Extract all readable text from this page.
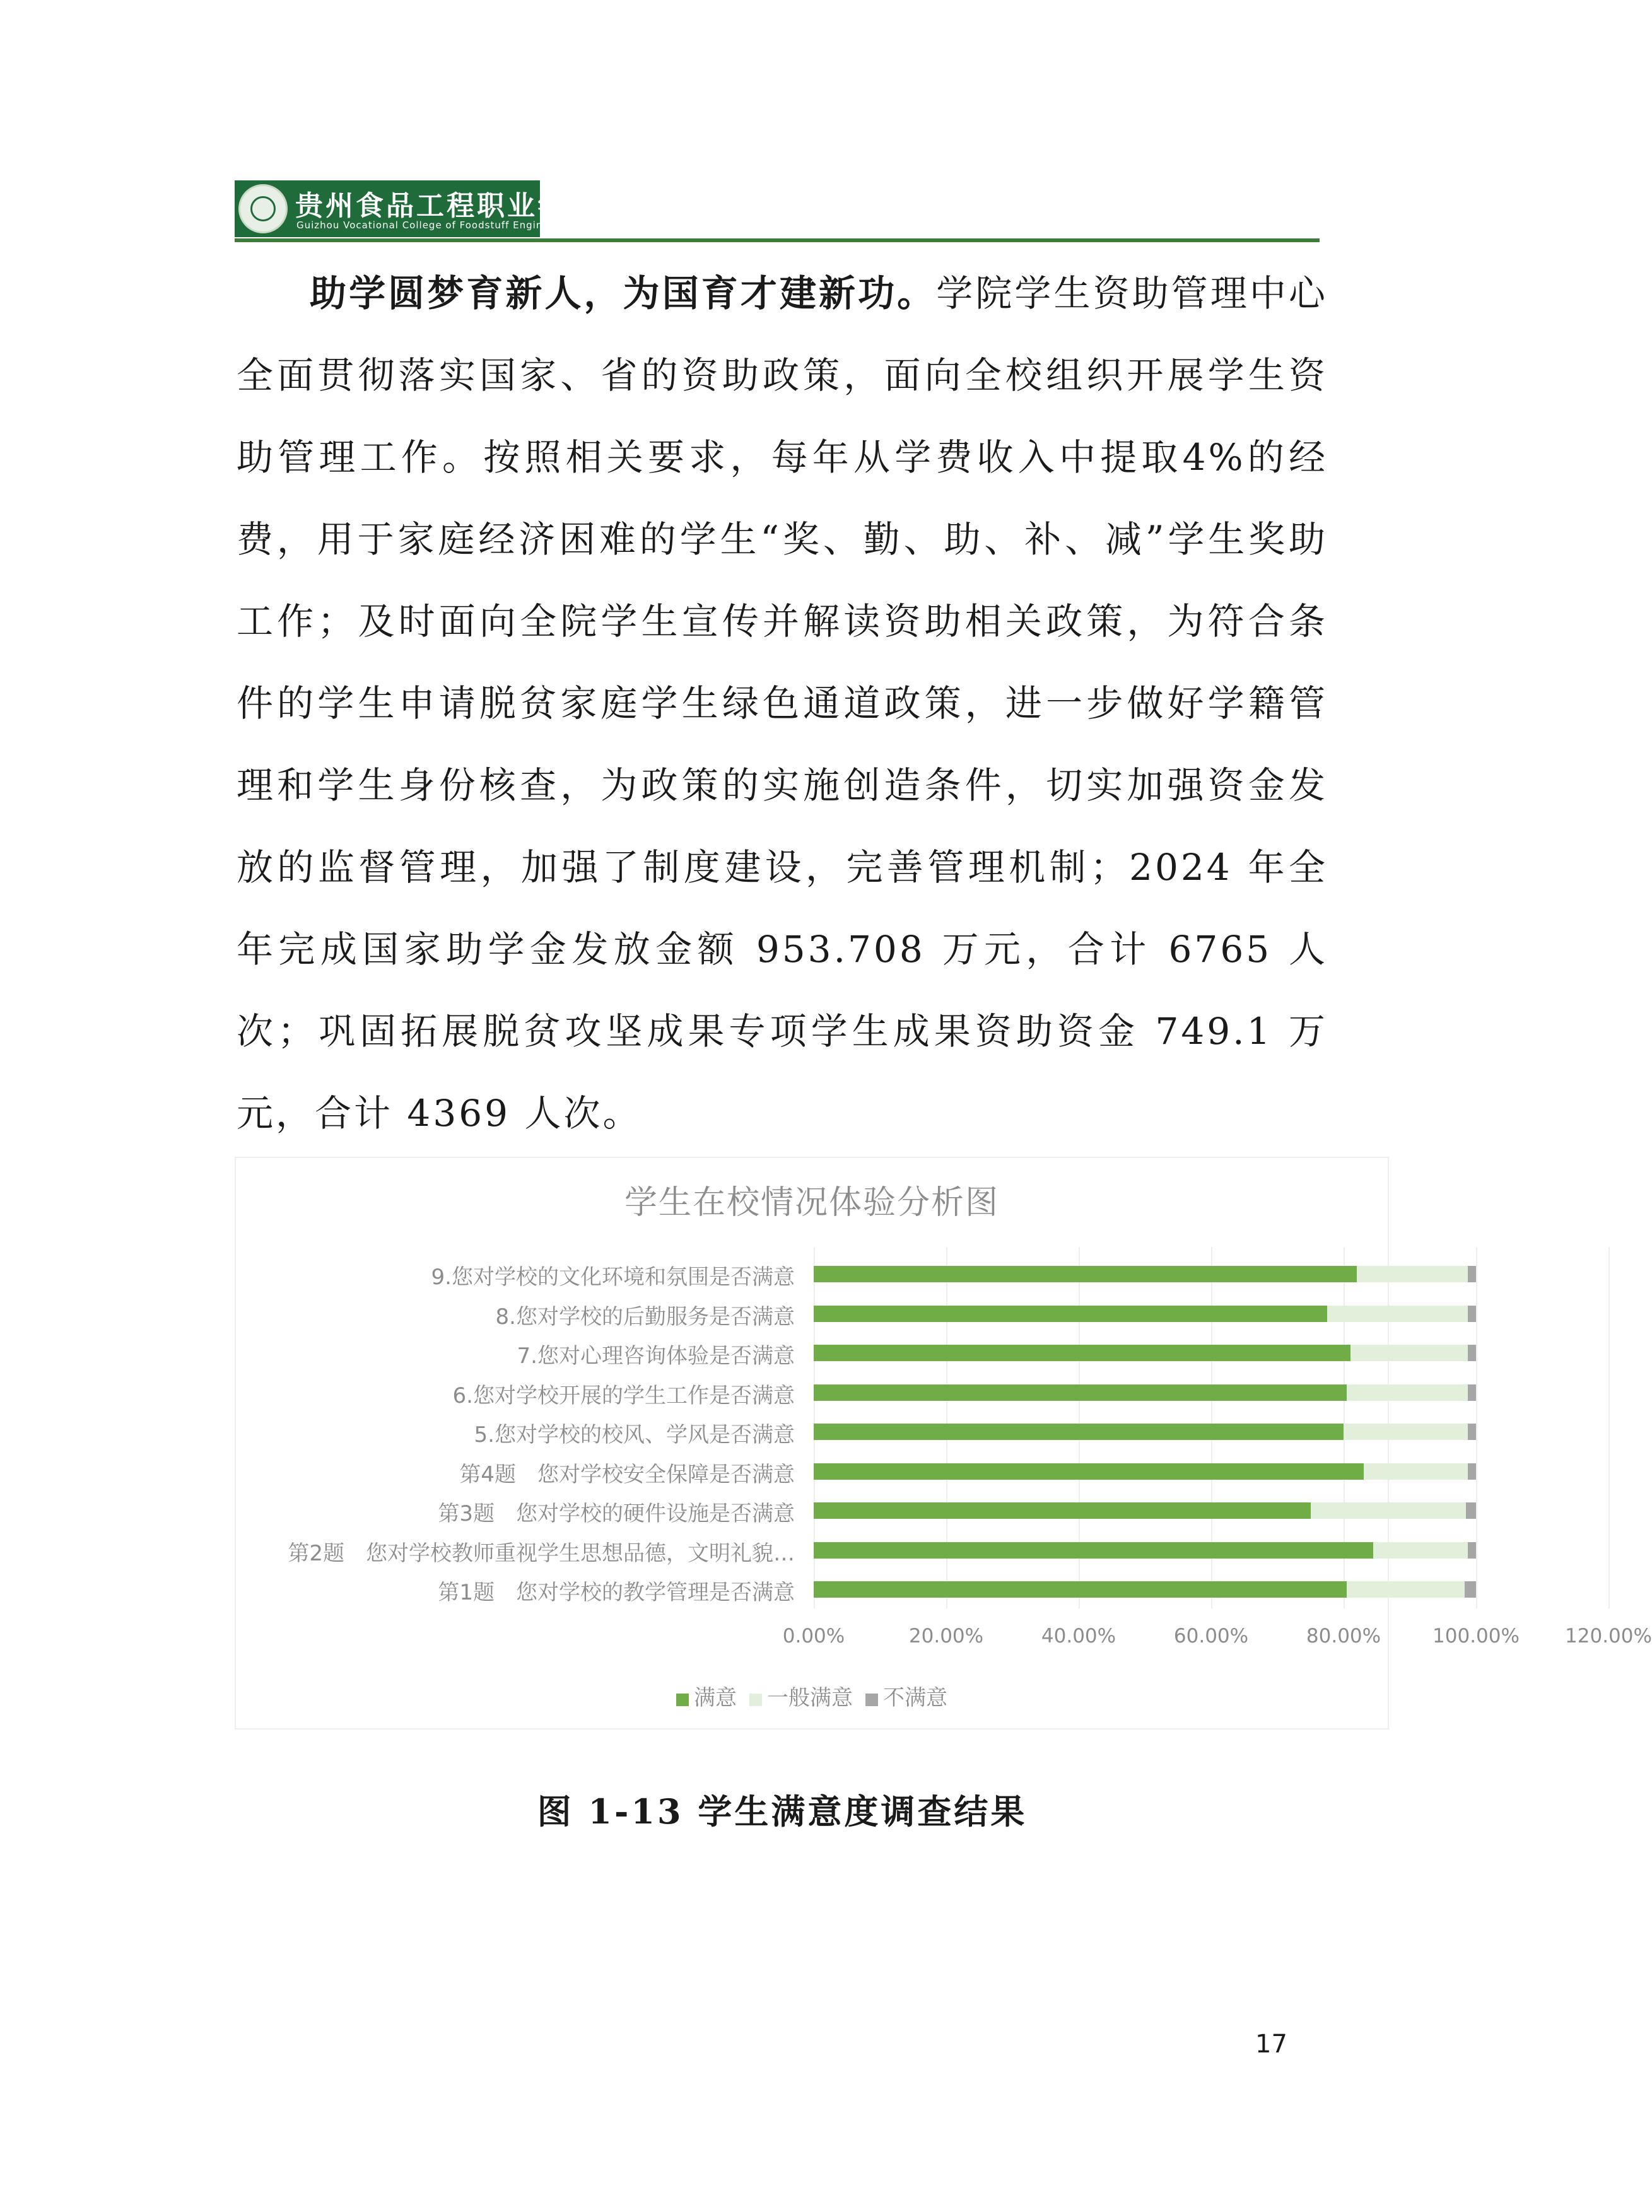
贵州食品工程职业学院
Guizhou Vocational College of Foodstuff Engineering
助学圆梦育新人，为国育才建新功。学院学生资助管理中心全面贯彻落实国家、省的资助政策，面向全校组织开展学生资助管理工作。按照相关要求，每年从学费收入中提取4%的经费，用于家庭经济困难的学生“奖、勤、助、补、减”学生奖助工作；及时面向全院学生宣传并解读资助相关政策，为符合条件的学生申请脱贫家庭学生绿色通道政策，进一步做好学籍管理和学生身份核查，为政策的实施创造条件，切实加强资金发放的监督管理，加强了制度建设，完善管理机制；2024 年全年完成国家助学金发放金额 953.708 万元，合计 6765 人次；巩固拓展脱贫攻坚成果专项学生成果资助资金 749.1 万元，合计 4369 人次。
学生在校情况体验分析图
满意 一般满意 不满意
9.您对学校的文化环境和氛围是否满意
8.您对学校的后勤服务是否满意
7.您对心理咨询体验是否满意
6.您对学校开展的学生工作是否满意
5.您对学校的校风、学风是否满意
第4题　您对学校安全保障是否满意
第3题　您对学校的硬件设施是否满意
第2题　您对学校教师重视学生思想品德，文明礼貌…
第1题　您对学校的教学管理是否满意
0.00%	20.00%	40.00%	60.00%	80.00%	100.00% 120.00%
图 1-13 学生满意度调查结果
17
